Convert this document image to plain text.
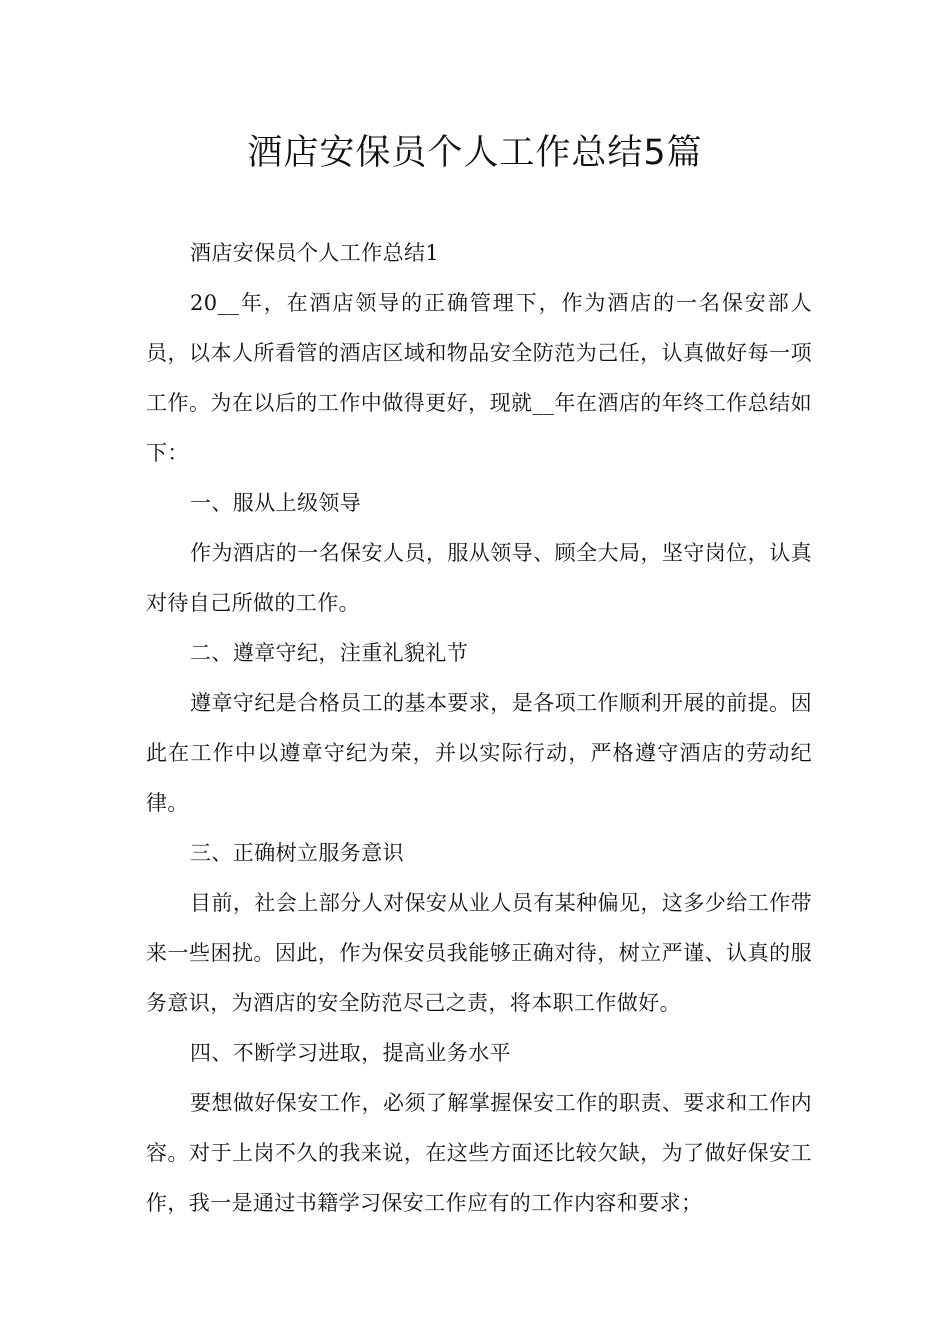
酒店安保员个人工作总结5篇

酒店安保员个人工作总结1

20__年，在酒店领导的正确管理下，作为酒店的一名保安部人员，以本人所看管的酒店区域和物品安全防范为己任，认真做好每一项工作。为在以后的工作中做得更好，现就__年在酒店的年终工作总结如下：

一、服从上级领导

作为酒店的一名保安人员，服从领导、顾全大局，坚守岗位，认真对待自己所做的工作。

二、遵章守纪，注重礼貌礼节

遵章守纪是合格员工的基本要求，是各项工作顺利开展的前提。因此在工作中以遵章守纪为荣，并以实际行动，严格遵守酒店的劳动纪律。

三、正确树立服务意识

目前，社会上部分人对保安从业人员有某种偏见，这多少给工作带来一些困扰。因此，作为保安员我能够正确对待，树立严谨、认真的服务意识，为酒店的安全防范尽己之责，将本职工作做好。

四、不断学习进取，提高业务水平

要想做好保安工作，必须了解掌握保安工作的职责、要求和工作内容。对于上岗不久的我来说，在这些方面还比较欠缺，为了做好保安工作，我一是通过书籍学习保安工作应有的工作内容和要求；
